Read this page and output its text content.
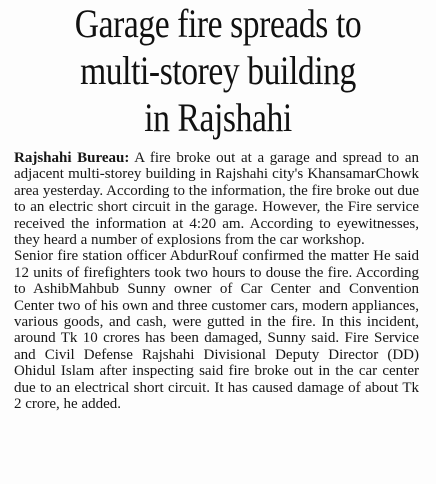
Garage fire spreads to
multi-storey building
in Rajshahi

Rajshahi Bureau: A fire broke out at a garage and spread to an adjacent multi-storey building in Rajshahi city's KhansamarChowk area yesterday. According to the information, the fire broke out due to an electric short circuit in the garage. However, the Fire service received the information at 4:20 am. According to eyewitnesses, they heard a number of explosions from the car workshop.

Senior fire station officer AbdurRouf confirmed the matter He said 12 units of firefighters took two hours to douse the fire. According to AshibMahbub Sunny owner of Car Center and Convention Center two of his own and three customer cars, modern appliances, various goods, and cash, were gutted in the fire. In this incident, around Tk 10 crores has been damaged, Sunny said. Fire Service and Civil Defense Rajshahi Divisional Deputy Director (DD) Ohidul Islam after inspecting said fire broke out in the car center due to an electrical short circuit. It has caused damage of about Tk 2 crore, he added.
